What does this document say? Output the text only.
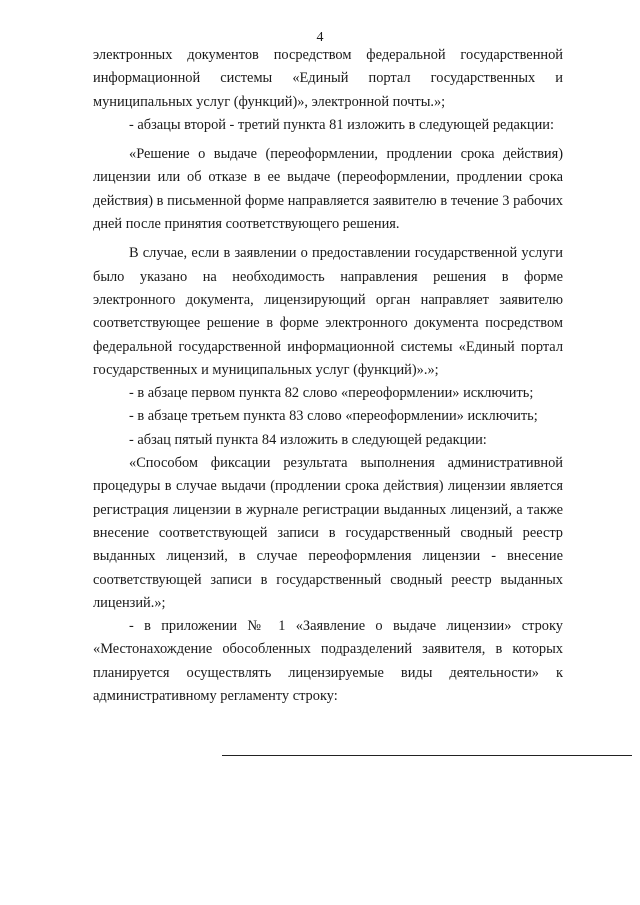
4

электронных документов посредством федеральной государственной информационной системы «Единый портал государственных и муниципальных услуг (функций)», электронной почты.»;

- абзацы второй - третий пункта 81 изложить в следующей редакции:

«Решение о выдаче (переоформлении, продлении срока действия) лицензии или об отказе в ее выдаче (переоформлении, продлении срока действия) в письменной форме направляется заявителю в течение 3 рабочих дней после принятия соответствующего решения.

В случае, если в заявлении о предоставлении государственной услуги было указано на необходимость направления решения в форме электронного документа, лицензирующий орган направляет заявителю соответствующее решение в форме электронного документа посредством федеральной государственной информационной системы «Единый портал государственных и муниципальных услуг (функций)».»;

- в абзаце первом пункта 82 слово «переоформлении» исключить;

- в абзаце третьем пункта 83 слово «переоформлении» исключить;

- абзац пятый пункта 84 изложить в следующей редакции:

«Способом фиксации результата выполнения административной процедуры в случае выдачи (продлении срока действия) лицензии является регистрация лицензии в журнале регистрации выданных лицензий, а также внесение соответствующей записи в государственный сводный реестр выданных лицензий, в случае переоформления лицензии - внесение соответствующей записи в государственный сводный реестр выданных лицензий.»;

- в приложении № 1 «Заявление о выдаче лицензии» строку «Местонахождение обособленных подразделений заявителя, в которых планируется осуществлять лицензируемые виды деятельности» к административному регламенту строку:
